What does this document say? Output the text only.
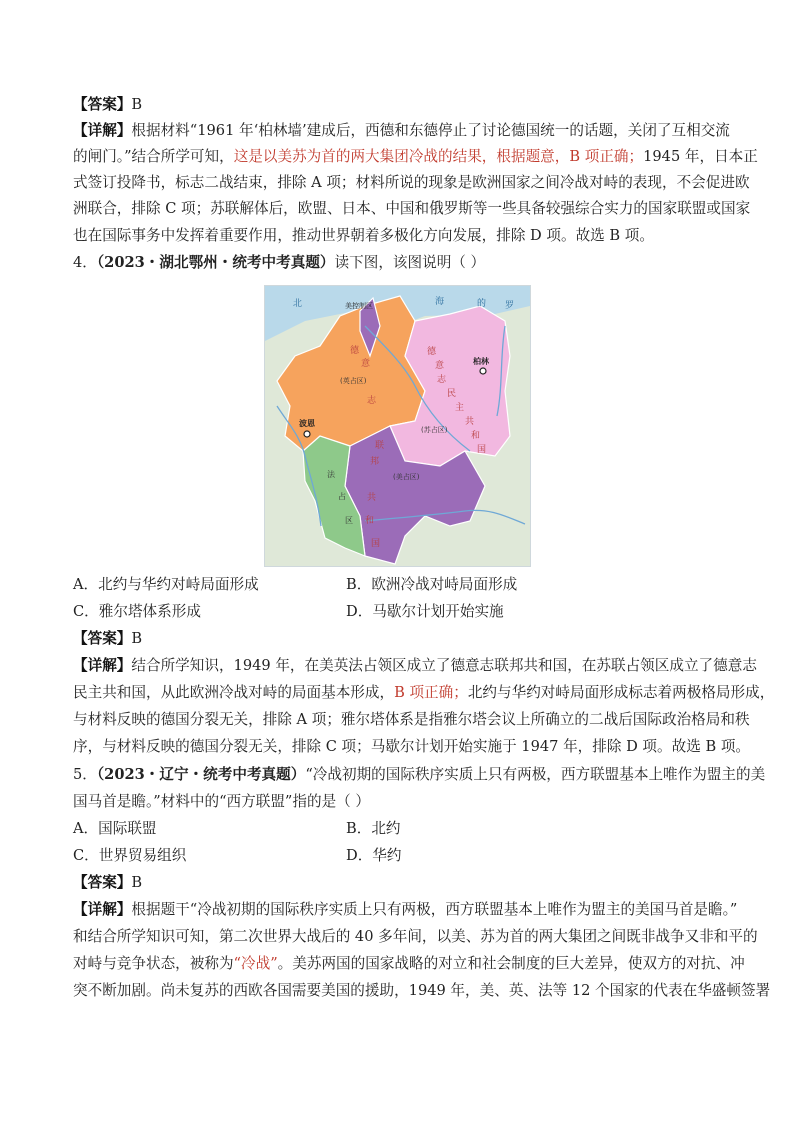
【答案】B
【详解】根据材料“1961 年‘柏林墙’建成后，西德和东德停止了讨论德国统一的话题，关闭了互相交流
的闸门。”结合所学可知，这是以美苏为首的两大集团冷战的结果，根据题意，B 项正确；1945 年，日本正
式签订投降书，标志二战结束，排除 A 项；材料所说的现象是欧洲国家之间冷战对峙的表现，不会促进欧
洲联合，排除 C 项；苏联解体后，欧盟、日本、中国和俄罗斯等一些具备较强综合实力的国家联盟或国家
也在国际事务中发挥着重要作用，推动世界朝着多极化方向发展，排除 D 项。故选 B 项。
4．（2023・湖北鄂州・统考中考真题）读下图，该图说明（ ）
北	海	的 罗
美控制区
德
意
志
(英占区)
德
意
志
民
主
共
和
国
(苏占区)
柏林
波恩
联
邦
共
和
国
(美占区)
法
占
区
A．北约与华约对峙局面形成	B．欧洲冷战对峙局面形成
C．雅尔塔体系形成	D．马歇尔计划开始实施
【答案】B
【详解】结合所学知识，1949 年，在美英法占领区成立了德意志联邦共和国，在苏联占领区成立了德意志
民主共和国，从此欧洲冷战对峙的局面基本形成，B 项正确；北约与华约对峙局面形成标志着两极格局形成，
与材料反映的德国分裂无关，排除 A 项；雅尔塔体系是指雅尔塔会议上所确立的二战后国际政治格局和秩
序，与材料反映的德国分裂无关，排除 C 项；马歇尔计划开始实施于 1947 年，排除 D 项。故选 B 项。
5．（2023・辽宁・统考中考真题）“冷战初期的国际秩序实质上只有两极，西方联盟基本上唯作为盟主的美
国马首是瞻。”材料中的“西方联盟”指的是（ ）
A．国际联盟	B．北约
C．世界贸易组织	D．华约
【答案】B
【详解】根据题干“冷战初期的国际秩序实质上只有两极，西方联盟基本上唯作为盟主的美国马首是瞻。”
和结合所学知识可知，第二次世界大战后的 40 多年间，以美、苏为首的两大集团之间既非战争又非和平的
对峙与竞争状态，被称为“冷战”。美苏两国的国家战略的对立和社会制度的巨大差异，使双方的对抗、冲
突不断加剧。尚未复苏的西欧各国需要美国的援助，1949 年，美、英、法等 12 个国家的代表在华盛顿签署
